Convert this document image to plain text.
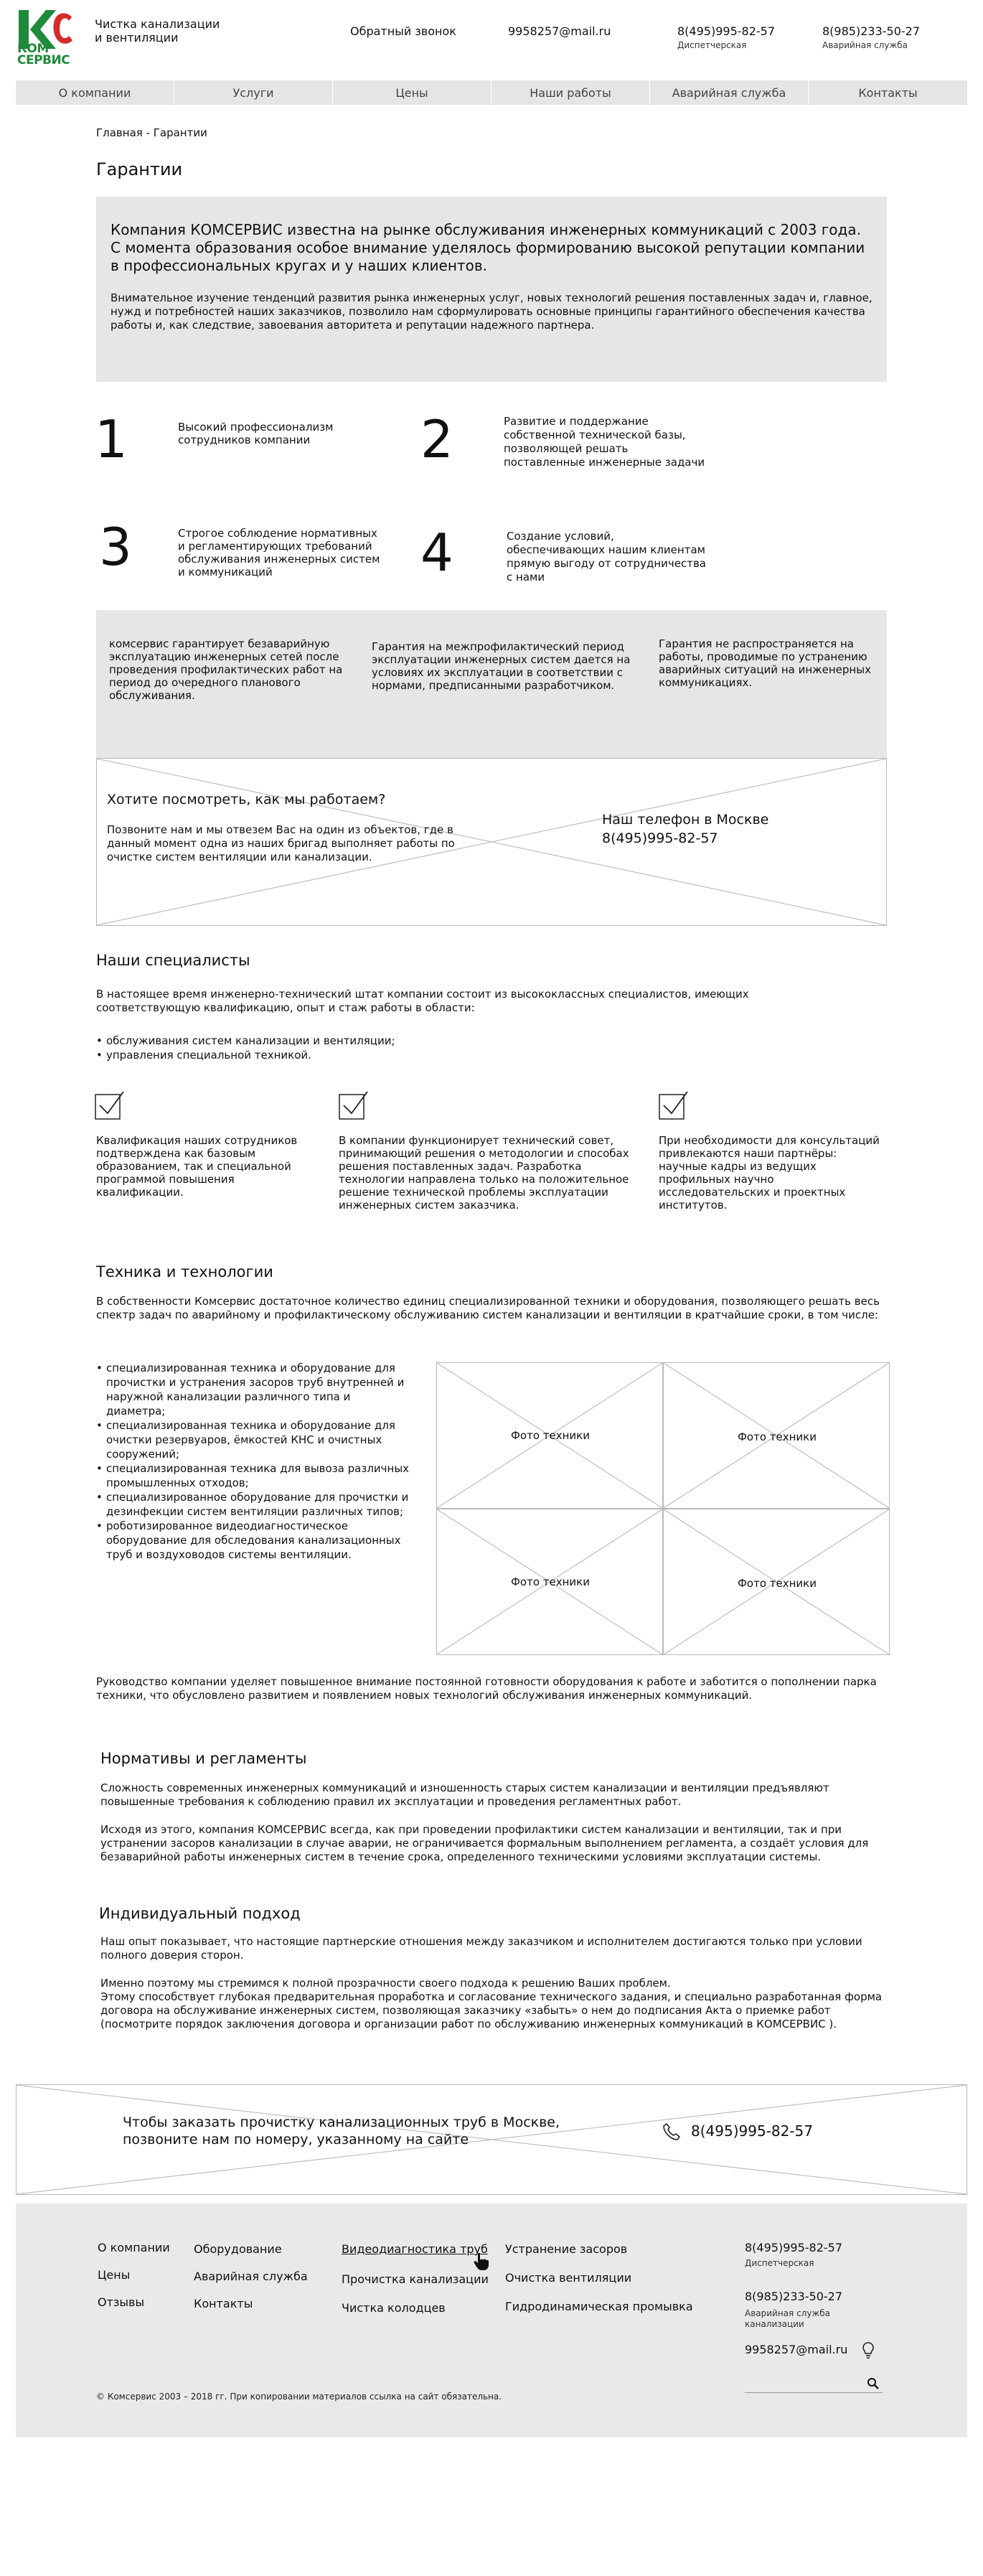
КОМ
СЕРВИС
Чистка канализации
и вентиляции	Обратный звонок	9958257@mail.ru	8(495)995-82-57
Диспетчерская
8(985)233-50-27
Аварийная служба
О компании	Услуги	Цены	Наши работы	Аварийная служба	Контакты
Главная - Гарантии
Гарантии

Компания КОМСЕРВИС известна на рынке обслуживания инженерных коммуникаций с 2003 года. С момента образования особое внимание уделялось формированию высокой репутации компании в профессиональных кругах и у наших клиентов.

Внимательное изучение тенденций развития рынка инженерных услуг, новых технологий решения поставленных задач и, главное, нужд и потребностей наших заказчиков, позволило нам сформулировать основные принципы гарантийного обеспечения качества работы и, как следствие, завоевания авторитета и репутации надежного партнера.

1	Высокий профессионализм
сотрудников компании	2	Развитие и поддержание
собственной технической базы,
позволяющей решать
поставленные инженерные задачи
3	Строгое соблюдение нормативных
и регламентирующих требований
обслуживания инженерных систем
и коммуникаций	4	Создание условий,
обеспечивающих нашим клиентам
прямую выгоду от сотрудничества
с нами

комсервис гарантирует безаварийную эксплуатацию инженерных сетей после проведения профилактических работ на период до очередного планового обслуживания.

Гарантия на межпрофилактический период эксплуатации инженерных систем дается на условиях их эксплуатации в соответствии с нормами, предписанными разработчиком.

Гарантия не распространяется на работы, проводимые по устранению аварийных ситуаций на инженерных коммуникациях.

Хотите посмотреть, как мы работаем?

Позвоните нам и мы отвезем Вас на один из объектов, где в данный момент одна из наших бригад выполняет работы по очистке систем вентиляции или канализации.

Наш телефон в Москве
8(495)995-82-57
Наши специалисты

В настоящее время инженерно-технический штат компании состоит из высококлассных специалистов, имеющих соответствующую квалификацию, опыт и стаж работы в области:

• обслуживания систем канализации и вентиляции;
• управления специальной техникой.

Квалификация наших сотрудников подтверждена как базовым образованием, так и специальной программой повышения квалификации.

В компании функционирует технический совет, принимающий решения о методологии и способах решения поставленных задач. Разработка технологии направлена только на положительное решение технической проблемы эксплуатации инженерных систем заказчика.

При необходимости для консультаций привлекаются наши партнёры: научные кадры из ведущих профильных научно исследовательских и проектных институтов.

Техника и технологии

В собственности Комсервис достаточное количество единиц специализированной техники и оборудования, позволяющего решать весь спектр задач по аварийному и профилактическому обслуживанию систем канализации и вентиляции в кратчайшие сроки, в том числе:

• специализированная техника и оборудование для прочистки и устранения засоров труб внутренней и наружной канализации различного типа и диаметра;
• специализированная техника и оборудование для очистки резервуаров, ёмкостей КНС и очистных сооружений;
• специализированная техника для вывоза различных промышленных отходов;
• специализированное оборудование для прочистки и дезинфекции систем вентиляции различных типов;
• роботизированное видеодиагностическое оборудование для обследования канализационных труб и воздуховодов системы вентиляции.
Фото техники	Фото техники
Фото техники	Фото техники

Руководство компании уделяет повышенное внимание постоянной готовности оборудования к работе и заботится о пополнении парка техники, что обусловлено развитием и появлением новых технологий обслуживания инженерных коммуникаций.

Нормативы и регламенты

Сложность современных инженерных коммуникаций и изношенность старых систем канализации и вентиляции предъявляют повышенные требования к соблюдению правил их эксплуатации и проведения регламентных работ.

Исходя из этого, компания КОМСЕРВИС всегда, как при проведении профилактики систем канализации и вентиляции, так и при устранении засоров канализации в случае аварии, не ограничивается формальным выполнением регламента, а создаёт условия для безаварийной работы инженерных систем в течение срока, определенного техническими условиями эксплуатации системы.

Индивидуальный подход

Наш опыт показывает, что настоящие партнерские отношения между заказчиком и исполнителем достигаются только при условии полного доверия сторон.

Именно поэтому мы стремимся к полной прозрачности своего подхода к решению Ваших проблем.
Этому способствует глубокая предварительная проработка и согласование технического задания, и специально разработанная форма договора на обслуживание инженерных систем, позволяющая заказчику «забыть» о нем до подписания Акта о приемке работ (посмотрите порядок заключения договора и организации работ по обслуживанию инженерных коммуникаций в КОМСЕРВИС ).

Чтобы заказать прочистку канализационных труб в Москве,
позвоните нам по номеру, указанному на сайте	8(495)995-82-57
О компании
Цены
Отзывы
Оборудование
Аварийная служба
Контакты
Видеодиагностика труб
Прочистка канализации
Чистка колодцев
Устранение засоров
Очистка вентиляции
Гидродинамическая промывка
8(495)995-82-57
Диспетчерская
8(985)233-50-27
Аварийная служба
канализации
9958257@mail.ru
© Комсервис 2003 – 2018 гг. При копировании материалов ссылка на сайт обязательна.
